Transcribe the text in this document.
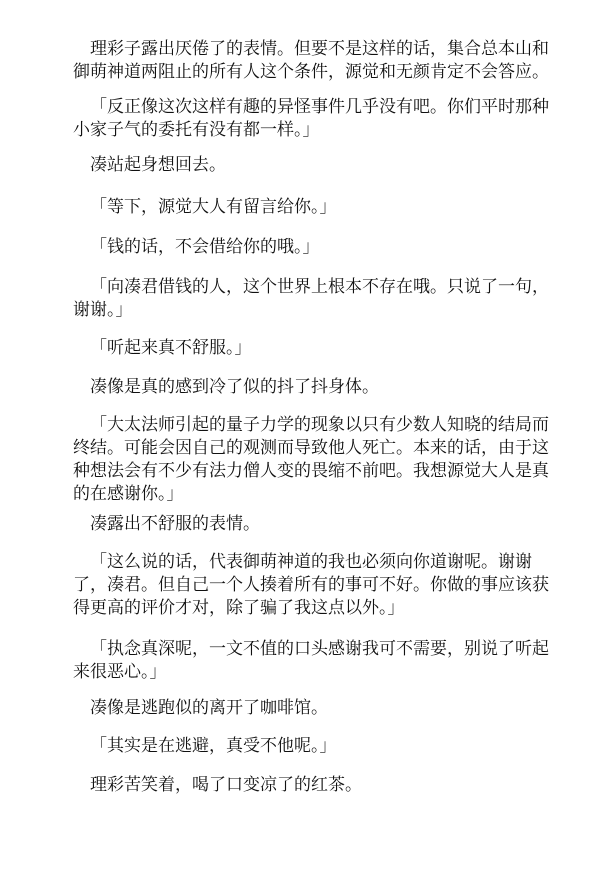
理彩子露出厌倦了的表情。但要不是这样的话，集合总本山和御萌神道两阻止的所有人这个条件，源觉和无颜肯定不会答应。

「反正像这次这样有趣的异怪事件几乎没有吧。你们平时那种小家子气的委托有没有都一样。」

凑站起身想回去。

「等下，源觉大人有留言给你。」

「钱的话，不会借给你的哦。」

「向凑君借钱的人，这个世界上根本不存在哦。只说了一句，谢谢。」

「听起来真不舒服。」

凑像是真的感到冷了似的抖了抖身体。

「大太法师引起的量子力学的现象以只有少数人知晓的结局而终结。可能会因自己的观测而导致他人死亡。本来的话，由于这种想法会有不少有法力僧人变的畏缩不前吧。我想源觉大人是真的在感谢你。」

凑露出不舒服的表情。

「这么说的话，代表御萌神道的我也必须向你道谢呢。谢谢了，凑君。但自己一个人揍着所有的事可不好。你做的事应该获得更高的评价才对，除了骗了我这点以外。」

「执念真深呢，一文不值的口头感谢我可不需要，别说了听起来很恶心。」

凑像是逃跑似的离开了咖啡馆。

「其实是在逃避，真受不他呢。」

理彩苦笑着，喝了口变凉了的红茶。
